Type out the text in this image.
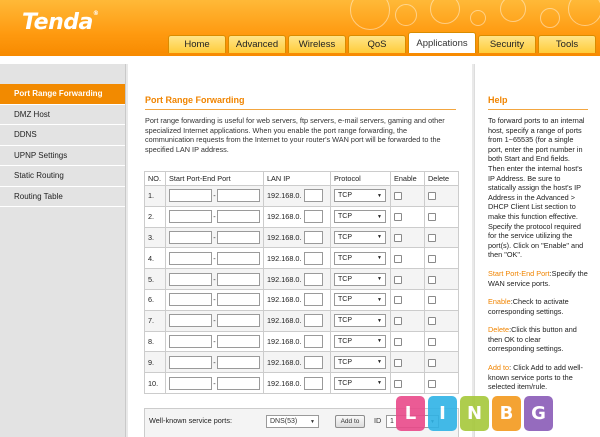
Tenda®
Home	Advanced	Wireless	QoS	Applications	Security	Tools
Port Range Forwarding
DMZ Host
DDNS
UPNP Settings
Static Routing
Routing Table
Port Range Forwarding
Port range forwarding is useful for web servers, ftp servers, e-mail servers, gaming and other specialized Internet applications. When you enable the port range forwarding, the communication requests from the Internet to your router's WAN port will be forwarded to the specified LAN IP address.
NO.	Start Port-End Port	LAN IP	Protocol	Enable	Delete
1.	-	192.168.0.	TCP ▼		

2.	-	192.168.0.	TCP ▼		

3.	-	192.168.0.	TCP ▼		

4.	-	192.168.0.	TCP ▼		

5.	-	192.168.0.	TCP ▼		

6.	-	192.168.0.	TCP ▼		

7.	-	192.168.0.	TCP ▼		

8.	-	192.168.0.	TCP ▼		

9.	-	192.168.0.	TCP ▼		

10.	-	192.168.0.	TCP ▼		

Well-known service ports:	DNS(53)	▼	Add to	ID 1
Help

To forward ports to an internal host, specify a range of ports from 1~65535 (for a single port, enter the port number in both Start and End fields. Then enter the internal host's IP Address. Be sure to statically assign the host's IP Address in the Advanced > DHCP Client List section to make this function effective. Specify the protocol required for the service utilizing the port(s). Click on "Enable" and then "OK".

Start Port-End Port:Specify the WAN service ports.

Enable:Check to activate corresponding settings.

Delete:Click this button and then OK to clear corresponding settings.

Add to: Click Add to add well-known service ports to the selected item/rule.

L	I	N B G
